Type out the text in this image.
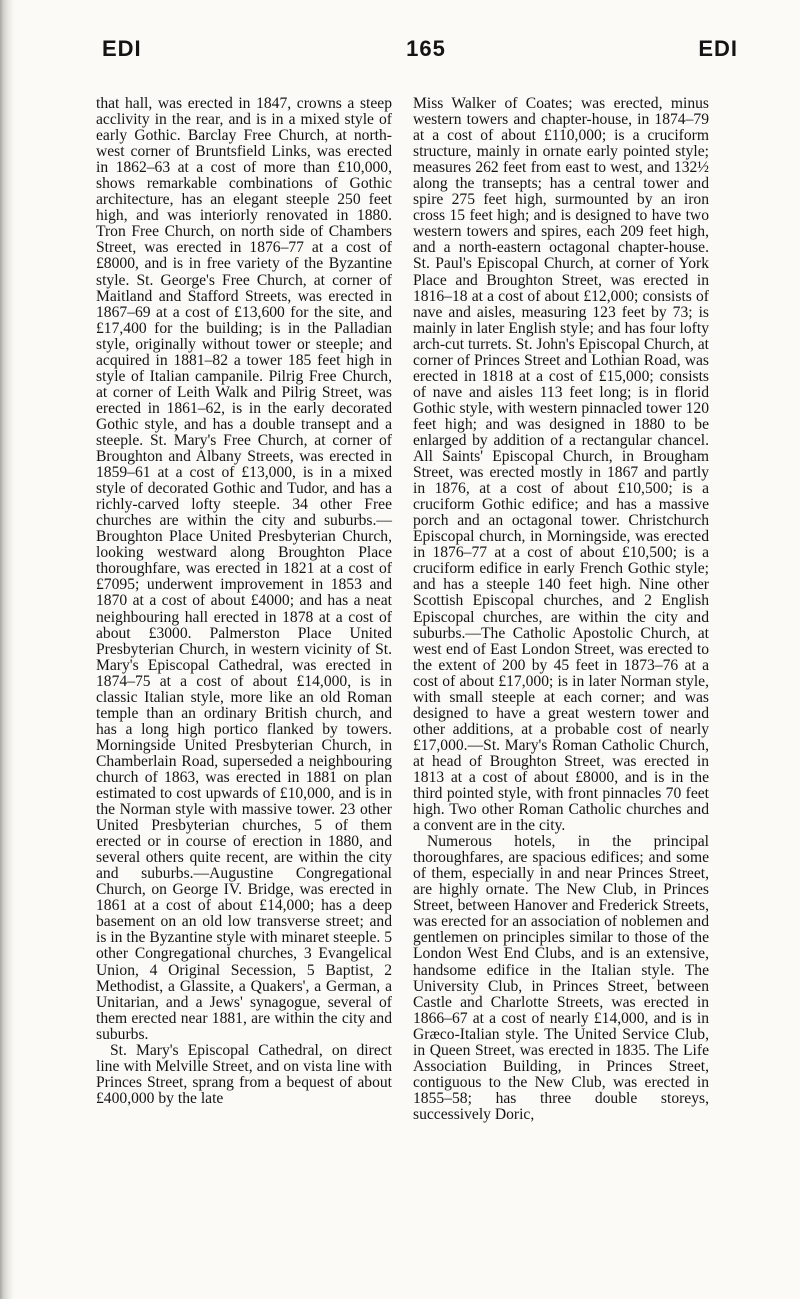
EDI	165	EDI

that hall, was erected in 1847, crowns a steep acclivity in the rear, and is in a mixed style of early Gothic. Barclay Free Church, at north-west corner of Bruntsfield Links, was erected in 1862–63 at a cost of more than £10,000, shows remarkable combinations of Gothic architecture, has an elegant steeple 250 feet high, and was interiorly renovated in 1880. Tron Free Church, on north side of Chambers Street, was erected in 1876–77 at a cost of £8000, and is in free variety of the Byzantine style. St. George's Free Church, at corner of Maitland and Stafford Streets, was erected in 1867–69 at a cost of £13,600 for the site, and £17,400 for the building; is in the Palladian style, originally without tower or steeple; and acquired in 1881–82 a tower 185 feet high in style of Italian campanile. Pilrig Free Church, at corner of Leith Walk and Pilrig Street, was erected in 1861–62, is in the early decorated Gothic style, and has a double transept and a steeple. St. Mary's Free Church, at corner of Broughton and Albany Streets, was erected in 1859–61 at a cost of £13,000, is in a mixed style of decorated Gothic and Tudor, and has a richly-carved lofty steeple. 34 other Free churches are within the city and suburbs.—Broughton Place United Presbyterian Church, looking westward along Broughton Place thoroughfare, was erected in 1821 at a cost of £7095; underwent improvement in 1853 and 1870 at a cost of about £4000; and has a neat neighbouring hall erected in 1878 at a cost of about £3000. Palmerston Place United Presbyterian Church, in western vicinity of St. Mary's Episcopal Cathedral, was erected in 1874–75 at a cost of about £14,000, is in classic Italian style, more like an old Roman temple than an ordinary British church, and has a long high portico flanked by towers. Morningside United Presbyterian Church, in Chamberlain Road, superseded a neighbouring church of 1863, was erected in 1881 on plan estimated to cost upwards of £10,000, and is in the Norman style with massive tower. 23 other United Presbyterian churches, 5 of them erected or in course of erection in 1880, and several others quite recent, are within the city and suburbs.—Augustine Congregational Church, on George IV. Bridge, was erected in 1861 at a cost of about £14,000; has a deep basement on an old low transverse street; and is in the Byzantine style with minaret steeple. 5 other Congregational churches, 3 Evangelical Union, 4 Original Secession, 5 Baptist, 2 Methodist, a Glassite, a Quakers', a German, a Unitarian, and a Jews' synagogue, several of them erected near 1881, are within the city and suburbs.

St. Mary's Episcopal Cathedral, on direct line with Melville Street, and on vista line with Princes Street, sprang from a bequest of about £400,000 by the late

Miss Walker of Coates; was erected, minus western towers and chapter-house, in 1874–79 at a cost of about £110,000; is a cruciform structure, mainly in ornate early pointed style; measures 262 feet from east to west, and 132½ along the transepts; has a central tower and spire 275 feet high, surmounted by an iron cross 15 feet high; and is designed to have two western towers and spires, each 209 feet high, and a north-eastern octagonal chapter-house. St. Paul's Episcopal Church, at corner of York Place and Broughton Street, was erected in 1816–18 at a cost of about £12,000; consists of nave and aisles, measuring 123 feet by 73; is mainly in later English style; and has four lofty arch-cut turrets. St. John's Episcopal Church, at corner of Princes Street and Lothian Road, was erected in 1818 at a cost of £15,000; consists of nave and aisles 113 feet long; is in florid Gothic style, with western pinnacled tower 120 feet high; and was designed in 1880 to be enlarged by addition of a rectangular chancel. All Saints' Episcopal Church, in Brougham Street, was erected mostly in 1867 and partly in 1876, at a cost of about £10,500; is a cruciform Gothic edifice; and has a massive porch and an octagonal tower. Christchurch Episcopal church, in Morningside, was erected in 1876–77 at a cost of about £10,500; is a cruciform edifice in early French Gothic style; and has a steeple 140 feet high. Nine other Scottish Episcopal churches, and 2 English Episcopal churches, are within the city and suburbs.—The Catholic Apostolic Church, at west end of East London Street, was erected to the extent of 200 by 45 feet in 1873–76 at a cost of about £17,000; is in later Norman style, with small steeple at each corner; and was designed to have a great western tower and other additions, at a probable cost of nearly £17,000.—St. Mary's Roman Catholic Church, at head of Broughton Street, was erected in 1813 at a cost of about £8000, and is in the third pointed style, with front pinnacles 70 feet high. Two other Roman Catholic churches and a convent are in the city.

Numerous hotels, in the principal thoroughfares, are spacious edifices; and some of them, especially in and near Princes Street, are highly ornate. The New Club, in Princes Street, between Hanover and Frederick Streets, was erected for an association of noblemen and gentlemen on principles similar to those of the London West End Clubs, and is an extensive, handsome edifice in the Italian style. The University Club, in Princes Street, between Castle and Charlotte Streets, was erected in 1866–67 at a cost of nearly £14,000, and is in Græco-Italian style. The United Service Club, in Queen Street, was erected in 1835. The Life Association Building, in Princes Street, contiguous to the New Club, was erected in 1855–58; has three double storeys, successively Doric,
